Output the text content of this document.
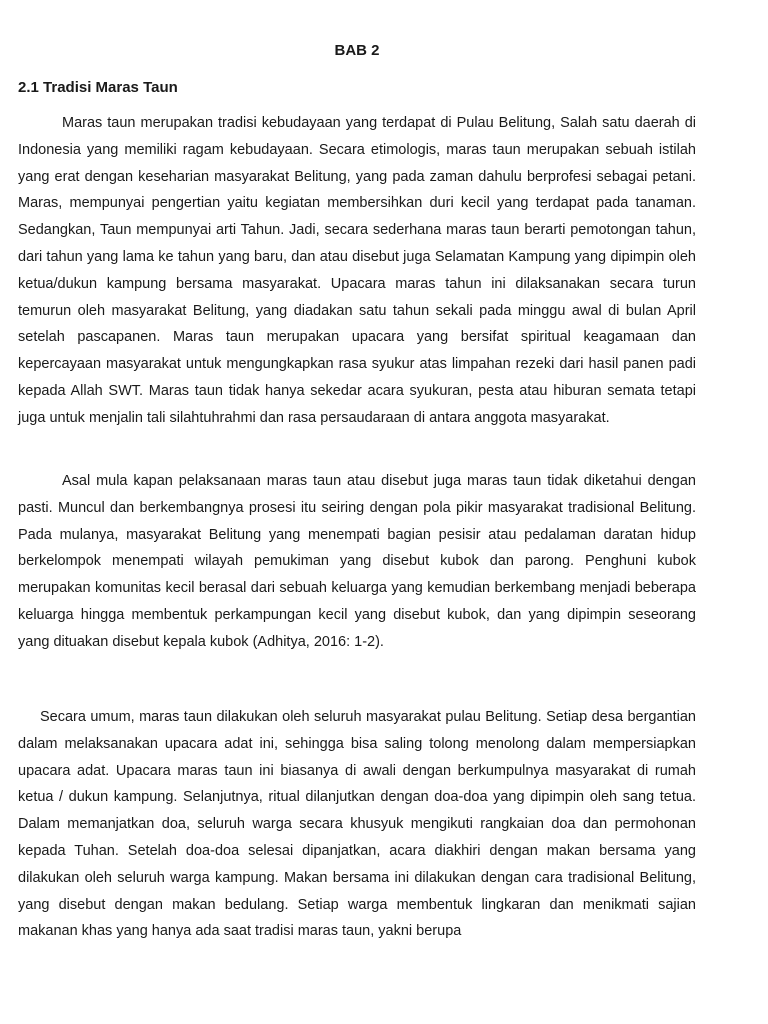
BAB 2
2.1 Tradisi Maras Taun

Maras taun merupakan tradisi kebudayaan yang terdapat di Pulau Belitung, Salah satu daerah di Indonesia yang memiliki ragam kebudayaan. Secara etimologis, maras taun merupakan sebuah istilah yang erat dengan keseharian masyarakat Belitung, yang pada zaman dahulu berprofesi sebagai petani. Maras, mempunyai pengertian yaitu kegiatan membersihkan duri kecil yang terdapat pada tanaman. Sedangkan, Taun mempunyai arti Tahun. Jadi, secara sederhana maras taun berarti pemotongan tahun, dari tahun yang lama ke tahun yang baru, dan atau disebut juga Selamatan Kampung yang dipimpin oleh ketua/dukun kampung bersama masyarakat. Upacara maras tahun ini dilaksanakan secara turun temurun oleh masyarakat Belitung, yang diadakan satu tahun sekali pada minggu awal di bulan April setelah pascapanen. Maras taun merupakan upacara yang bersifat spiritual keagamaan dan kepercayaan masyarakat untuk mengungkapkan rasa syukur atas limpahan rezeki dari hasil panen padi kepada Allah SWT. Maras taun tidak hanya sekedar acara syukuran, pesta atau hiburan semata tetapi juga untuk menjalin tali silahtuhrahmi dan rasa persaudaraan di antara anggota masyarakat.

Asal mula kapan pelaksanaan maras taun atau disebut juga maras taun tidak diketahui dengan pasti. Muncul dan berkembangnya prosesi itu seiring dengan pola pikir masyarakat tradisional Belitung. Pada mulanya, masyarakat Belitung yang menempati bagian pesisir atau pedalaman daratan hidup berkelompok menempati wilayah pemukiman yang disebut kubok dan parong. Penghuni kubok merupakan komunitas kecil berasal dari sebuah keluarga yang kemudian berkembang menjadi beberapa keluarga hingga membentuk perkampungan kecil yang disebut kubok, dan yang dipimpin seseorang yang dituakan disebut kepala kubok (Adhitya, 2016: 1-2).

Secara umum, maras taun dilakukan oleh seluruh masyarakat pulau Belitung. Setiap desa bergantian dalam melaksanakan upacara adat ini, sehingga bisa saling tolong menolong dalam mempersiapkan upacara adat. Upacara maras taun ini biasanya di awali dengan berkumpulnya masyarakat di rumah ketua / dukun kampung. Selanjutnya, ritual dilanjutkan dengan doa-doa yang dipimpin oleh sang tetua. Dalam memanjatkan doa, seluruh warga secara khusyuk mengikuti rangkaian doa dan permohonan kepada Tuhan. Setelah doa-doa selesai dipanjatkan, acara diakhiri dengan makan bersama yang dilakukan oleh seluruh warga kampung. Makan bersama ini dilakukan dengan cara tradisional Belitung, yang disebut dengan makan bedulang. Setiap warga membentuk lingkaran dan menikmati sajian makanan khas yang hanya ada saat tradisi maras taun, yakni berupa
